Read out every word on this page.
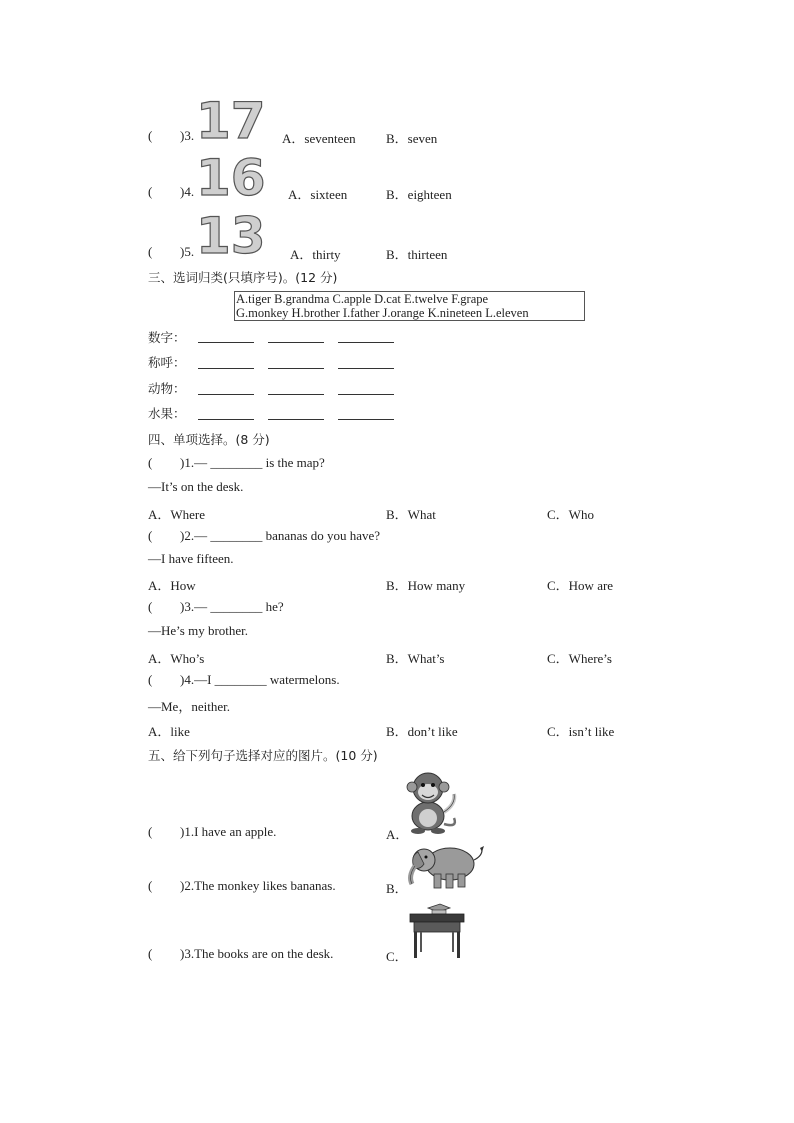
( )3. 17 A．seventeen B．seven
( )4. 16 A．sixteen	B．eighteen
( )5. 13 A．thirty	B．thirteen
三、选词归类(只填序号)。(12 分)
A.tiger B.grandma C.apple D.cat E.twelve F.grape
G.monkey H.brother I.father J.orange K.nineteen L.eleven
数字：
称呼：
动物：
水果：
四、单项选择。(8 分)
( )1.— ________ is the map?
—It’s on the desk.
A．Where	B．What	C．Who
( )2.— ________ bananas do you have?
—I have fifteen.
A．How	B．How many	C．How are
( )3.— ________ he?
—He’s my brother.
A．Who’s	B．What’s	C．Where’s
( )4.—I ________ watermelons.
—Me，neither.
A．like	B．don’t like	C．isn’t like
五、给下列句子选择对应的图片。(10 分)
( )1.I have an apple.	A．
( )2.The monkey likes bananas.	B．
( )3.The books are on the desk.	C．
